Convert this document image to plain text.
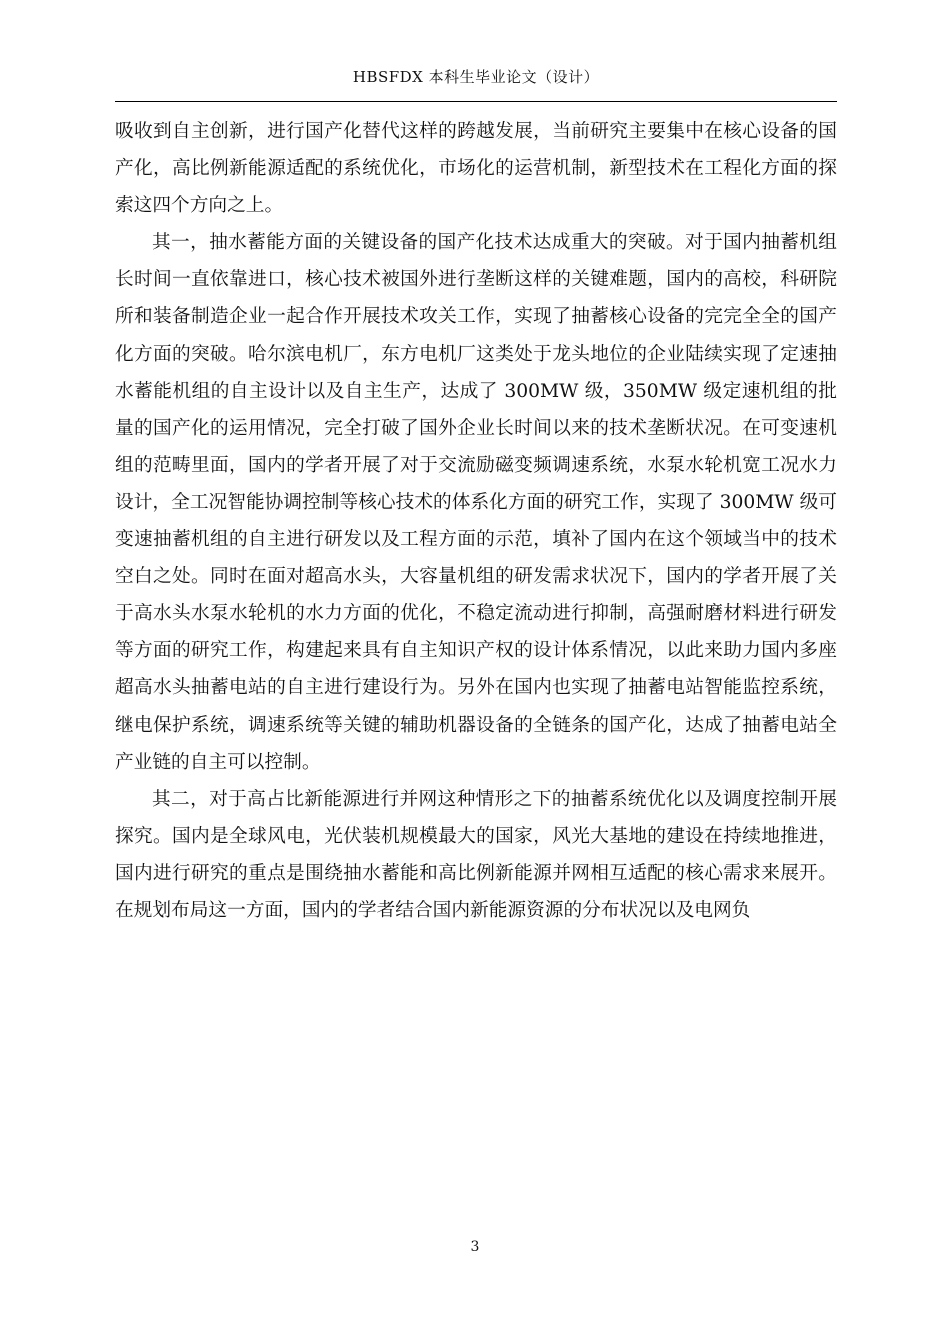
HBSFDX 本科生毕业论文（设计）

吸收到自主创新，进行国产化替代这样的跨越发展，当前研究主要集中在核心设备的国产化，高比例新能源适配的系统优化，市场化的运营机制，新型技术在工程化方面的探索这四个方向之上。

其一，抽水蓄能方面的关键设备的国产化技术达成重大的突破。对于国内抽蓄机组长时间一直依靠进口，核心技术被国外进行垄断这样的关键难题，国内的高校，科研院所和装备制造企业一起合作开展技术攻关工作，实现了抽蓄核心设备的完完全全的国产化方面的突破。哈尔滨电机厂，东方电机厂这类处于龙头地位的企业陆续实现了定速抽水蓄能机组的自主设计以及自主生产，达成了 300MW 级，350MW 级定速机组的批量的国产化的运用情况，完全打破了国外企业长时间以来的技术垄断状况。在可变速机组的范畴里面，国内的学者开展了对于交流励磁变频调速系统，水泵水轮机宽工况水力设计，全工况智能协调控制等核心技术的体系化方面的研究工作，实现了 300MW 级可变速抽蓄机组的自主进行研发以及工程方面的示范，填补了国内在这个领域当中的技术空白之处。同时在面对超高水头，大容量机组的研发需求状况下，国内的学者开展了关于高水头水泵水轮机的水力方面的优化，不稳定流动进行抑制，高强耐磨材料进行研发等方面的研究工作，构建起来具有自主知识产权的设计体系情况，以此来助力国内多座超高水头抽蓄电站的自主进行建设行为。另外在国内也实现了抽蓄电站智能监控系统，继电保护系统，调速系统等关键的辅助机器设备的全链条的国产化，达成了抽蓄电站全产业链的自主可以控制。

其二，对于高占比新能源进行并网这种情形之下的抽蓄系统优化以及调度控制开展探究。国内是全球风电，光伏装机规模最大的国家，风光大基地的建设在持续地推进，国内进行研究的重点是围绕抽水蓄能和高比例新能源并网相互适配的核心需求来展开。在规划布局这一方面，国内的学者结合国内新能源资源的分布状况以及电网负

3
